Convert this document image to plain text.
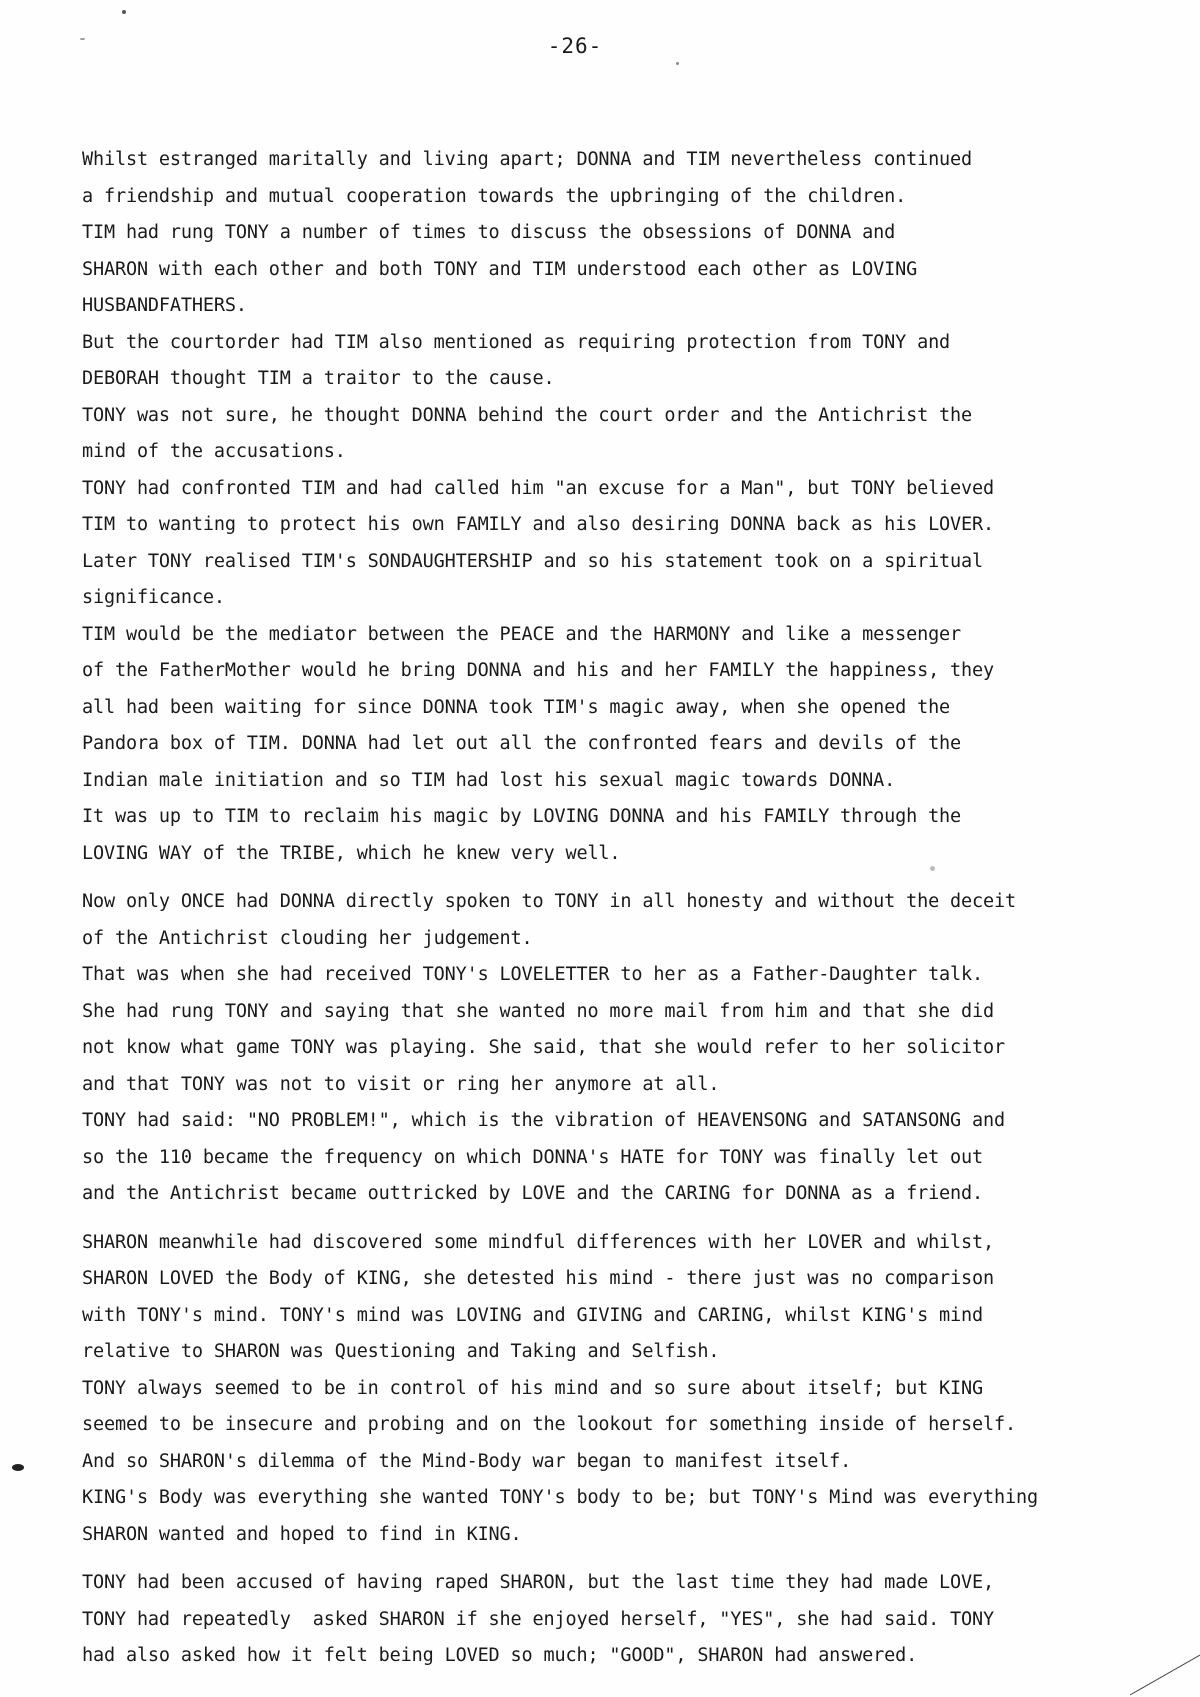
-26-
Whilst estranged maritally and living apart; DONNA and TIM nevertheless continued
a friendship and mutual cooperation towards the upbringing of the children.
TIM had rung TONY a number of times to discuss the obsessions of DONNA and
SHARON with each other and both TONY and TIM understood each other as LOVING
HUSBANDFATHERS.
But the courtorder had TIM also mentioned as requiring protection from TONY and
DEBORAH thought TIM a traitor to the cause.
TONY was not sure, he thought DONNA behind the court order and the Antichrist the
mind of the accusations.
TONY had confronted TIM and had called him "an excuse for a Man", but TONY believed
TIM to wanting to protect his own FAMILY and also desiring DONNA back as his LOVER.
Later TONY realised TIM's SONDAUGHTERSHIP and so his statement took on a spiritual
significance.
TIM would be the mediator between the PEACE and the HARMONY and like a messenger
of the FatherMother would he bring DONNA and his and her FAMILY the happiness, they
all had been waiting for since DONNA took TIM's magic away, when she opened the
Pandora box of TIM. DONNA had let out all the confronted fears and devils of the
Indian male initiation and so TIM had lost his sexual magic towards DONNA.
It was up to TIM to reclaim his magic by LOVING DONNA and his FAMILY through the
LOVING WAY of the TRIBE, which he knew very well.
Now only ONCE had DONNA directly spoken to TONY in all honesty and without the deceit
of the Antichrist clouding her judgement.
That was when she had received TONY's LOVELETTER to her as a Father-Daughter talk.
She had rung TONY and saying that she wanted no more mail from him and that she did
not know what game TONY was playing. She said, that she would refer to her solicitor
and that TONY was not to visit or ring her anymore at all.
TONY had said: "NO PROBLEM!", which is the vibration of HEAVENSONG and SATANSONG and
so the 110 became the frequency on which DONNA's HATE for TONY was finally let out
and the Antichrist became outtricked by LOVE and the CARING for DONNA as a friend.
SHARON meanwhile had discovered some mindful differences with her LOVER and whilst,
SHARON LOVED the Body of KING, she detested his mind - there just was no comparison
with TONY's mind. TONY's mind was LOVING and GIVING and CARING, whilst KING's mind
relative to SHARON was Questioning and Taking and Selfish.
TONY always seemed to be in control of his mind and so sure about itself; but KING
seemed to be insecure and probing and on the lookout for something inside of herself.
And so SHARON's dilemma of the Mind-Body war began to manifest itself.
KING's Body was everything she wanted TONY's body to be; but TONY's Mind was everything
SHARON wanted and hoped to find in KING.
TONY had been accused of having raped SHARON, but the last time they had made LOVE,
TONY had repeatedly  asked SHARON if she enjoyed herself, "YES", she had said. TONY
had also asked how it felt being LOVED so much; "GOOD", SHARON had answered.
